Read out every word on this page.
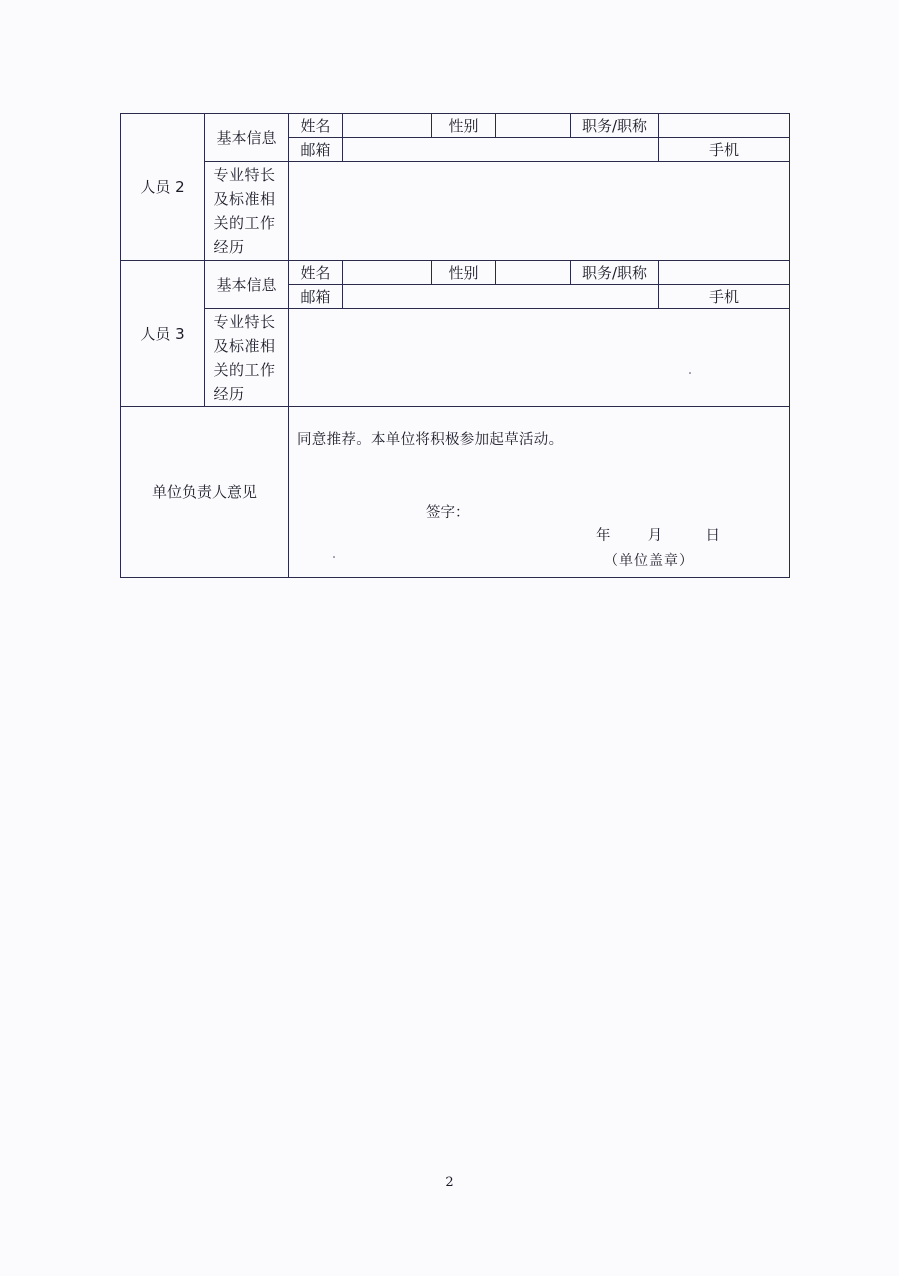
人员 2	基本信息	姓名		性别		职务/职称		
		邮箱					手机	

	专业特长及标准相关的工作经历							

人员 3	基本信息	姓名		性别		职务/职称		
		邮箱					手机	

	专业特长及标准相关的工作经历							

单位负责人意见		同意推荐。本单位将积极参加起草活动。
签字：
年 月 日
（单位盖章）						
2
